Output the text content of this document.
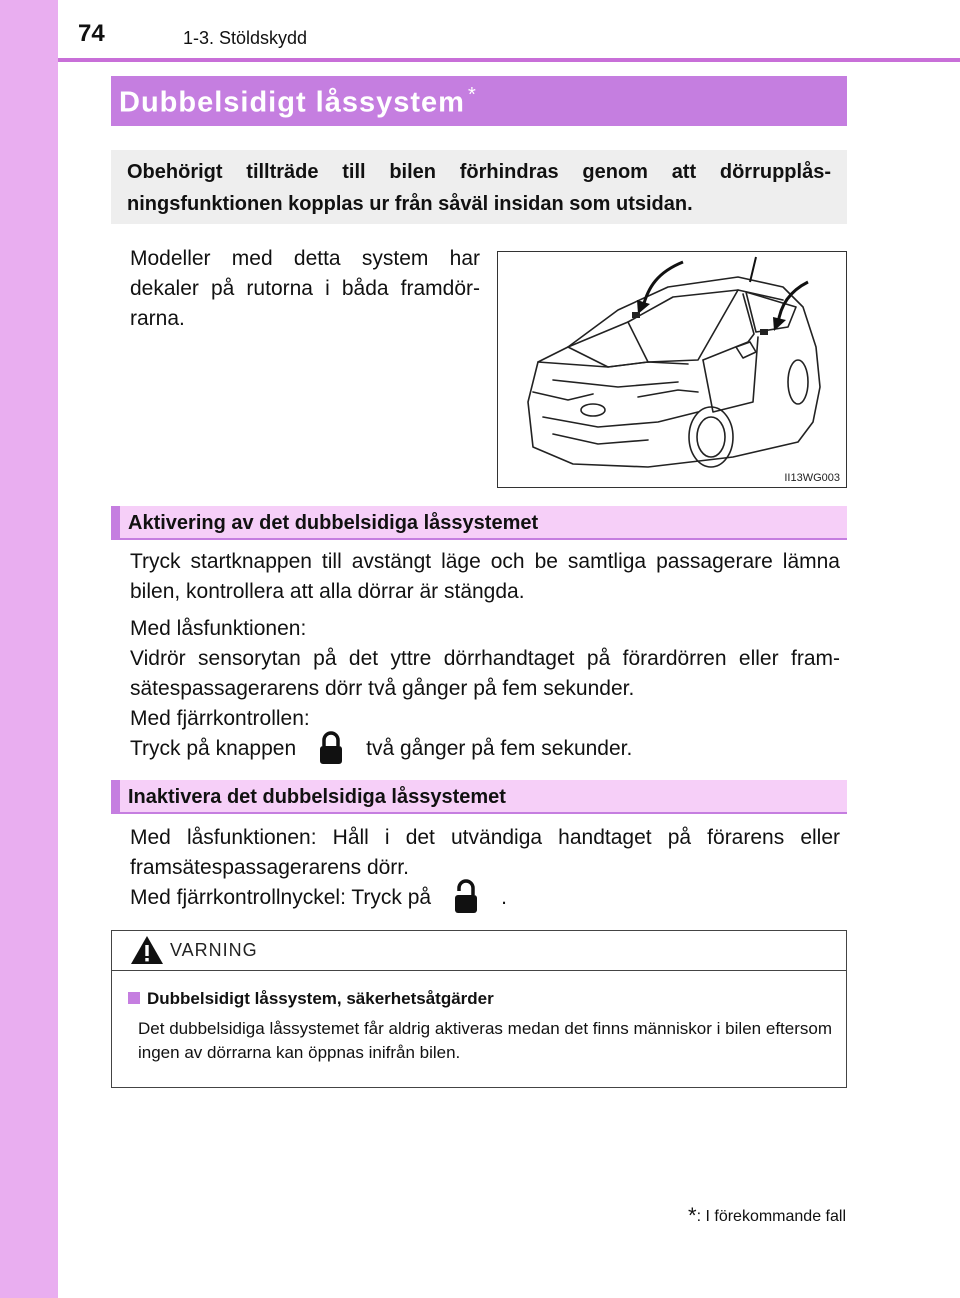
74	1-3. Stöldskydd
Dubbelsidigt låssystem *

Obehörigt tillträde till bilen förhindras genom att dörrupplås-ningsfunktionen kopplas ur från såväl insidan som utsidan.

Modeller med detta system har dekaler på rutorna i båda framdör-rarna.

II13WG003
Aktivering av det dubbelsidiga låssystemet

Tryck startknappen till avstängt läge och be samtliga passagerare lämna bilen, kontrollera att alla dörrar är stängda.

Med låsfunktionen:

Vidrör sensorytan på det yttre dörrhandtaget på förardörren eller fram-

sätespassagerarens dörr två gånger på fem sekunder.

Med fjärrkontrollen:

Tryck på knappen	två gånger på fem sekunder.

Inaktivera det dubbelsidiga låssystemet

Med låsfunktionen: Håll i det utvändiga handtaget på förarens eller

framsätespassagerarens dörr.

Med fjärrkontrollnyckel: Tryck på	.

VARNING
Dubbelsidigt låssystem, säkerhetsåtgärder

Det dubbelsidiga låssystemet får aldrig aktiveras medan det finns människor i bilen eftersom ingen av dörrarna kan öppnas inifrån bilen.

*: I förekommande fall
